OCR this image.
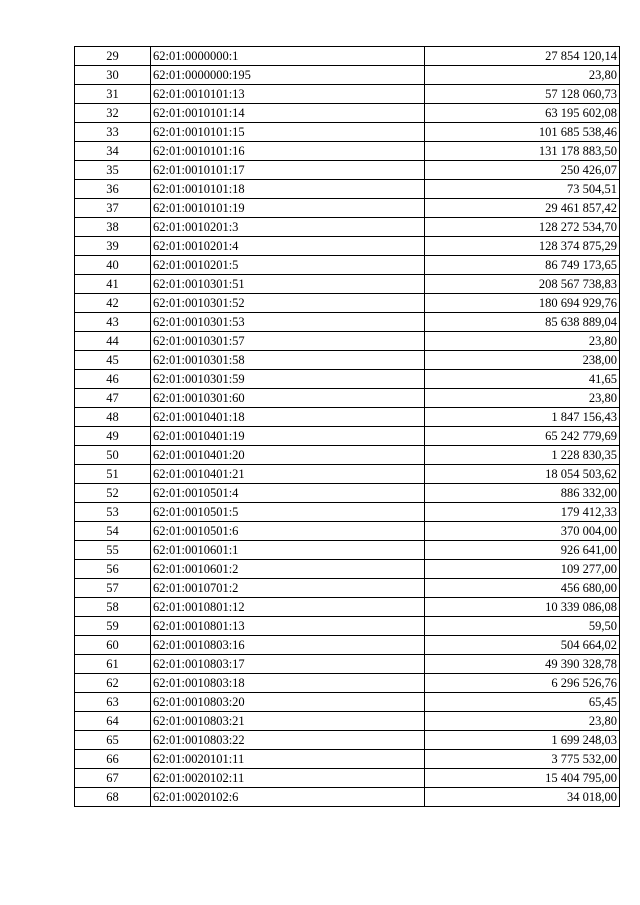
29	62:01:0000000:1	27 854 120,14
30	62:01:0000000:195	23,80
31	62:01:0010101:13	57 128 060,73
32	62:01:0010101:14	63 195 602,08
33	62:01:0010101:15	101 685 538,46
34	62:01:0010101:16	131 178 883,50
35	62:01:0010101:17	250 426,07
36	62:01:0010101:18	73 504,51
37	62:01:0010101:19	29 461 857,42
38	62:01:0010201:3	128 272 534,70
39	62:01:0010201:4	128 374 875,29
40	62:01:0010201:5	86 749 173,65
41	62:01:0010301:51	208 567 738,83
42	62:01:0010301:52	180 694 929,76
43	62:01:0010301:53	85 638 889,04
44	62:01:0010301:57	23,80
45	62:01:0010301:58	238,00
46	62:01:0010301:59	41,65
47	62:01:0010301:60	23,80
48	62:01:0010401:18	1 847 156,43
49	62:01:0010401:19	65 242 779,69
50	62:01:0010401:20	1 228 830,35
51	62:01:0010401:21	18 054 503,62
52	62:01:0010501:4	886 332,00
53	62:01:0010501:5	179 412,33
54	62:01:0010501:6	370 004,00
55	62:01:0010601:1	926 641,00
56	62:01:0010601:2	109 277,00
57	62:01:0010701:2	456 680,00
58	62:01:0010801:12	10 339 086,08
59	62:01:0010801:13	59,50
60	62:01:0010803:16	504 664,02
61	62:01:0010803:17	49 390 328,78
62	62:01:0010803:18	6 296 526,76
63	62:01:0010803:20	65,45
64	62:01:0010803:21	23,80
65	62:01:0010803:22	1 699 248,03
66	62:01:0020101:11	3 775 532,00
67	62:01:0020102:11	15 404 795,00
68	62:01:0020102:6	34 018,00
